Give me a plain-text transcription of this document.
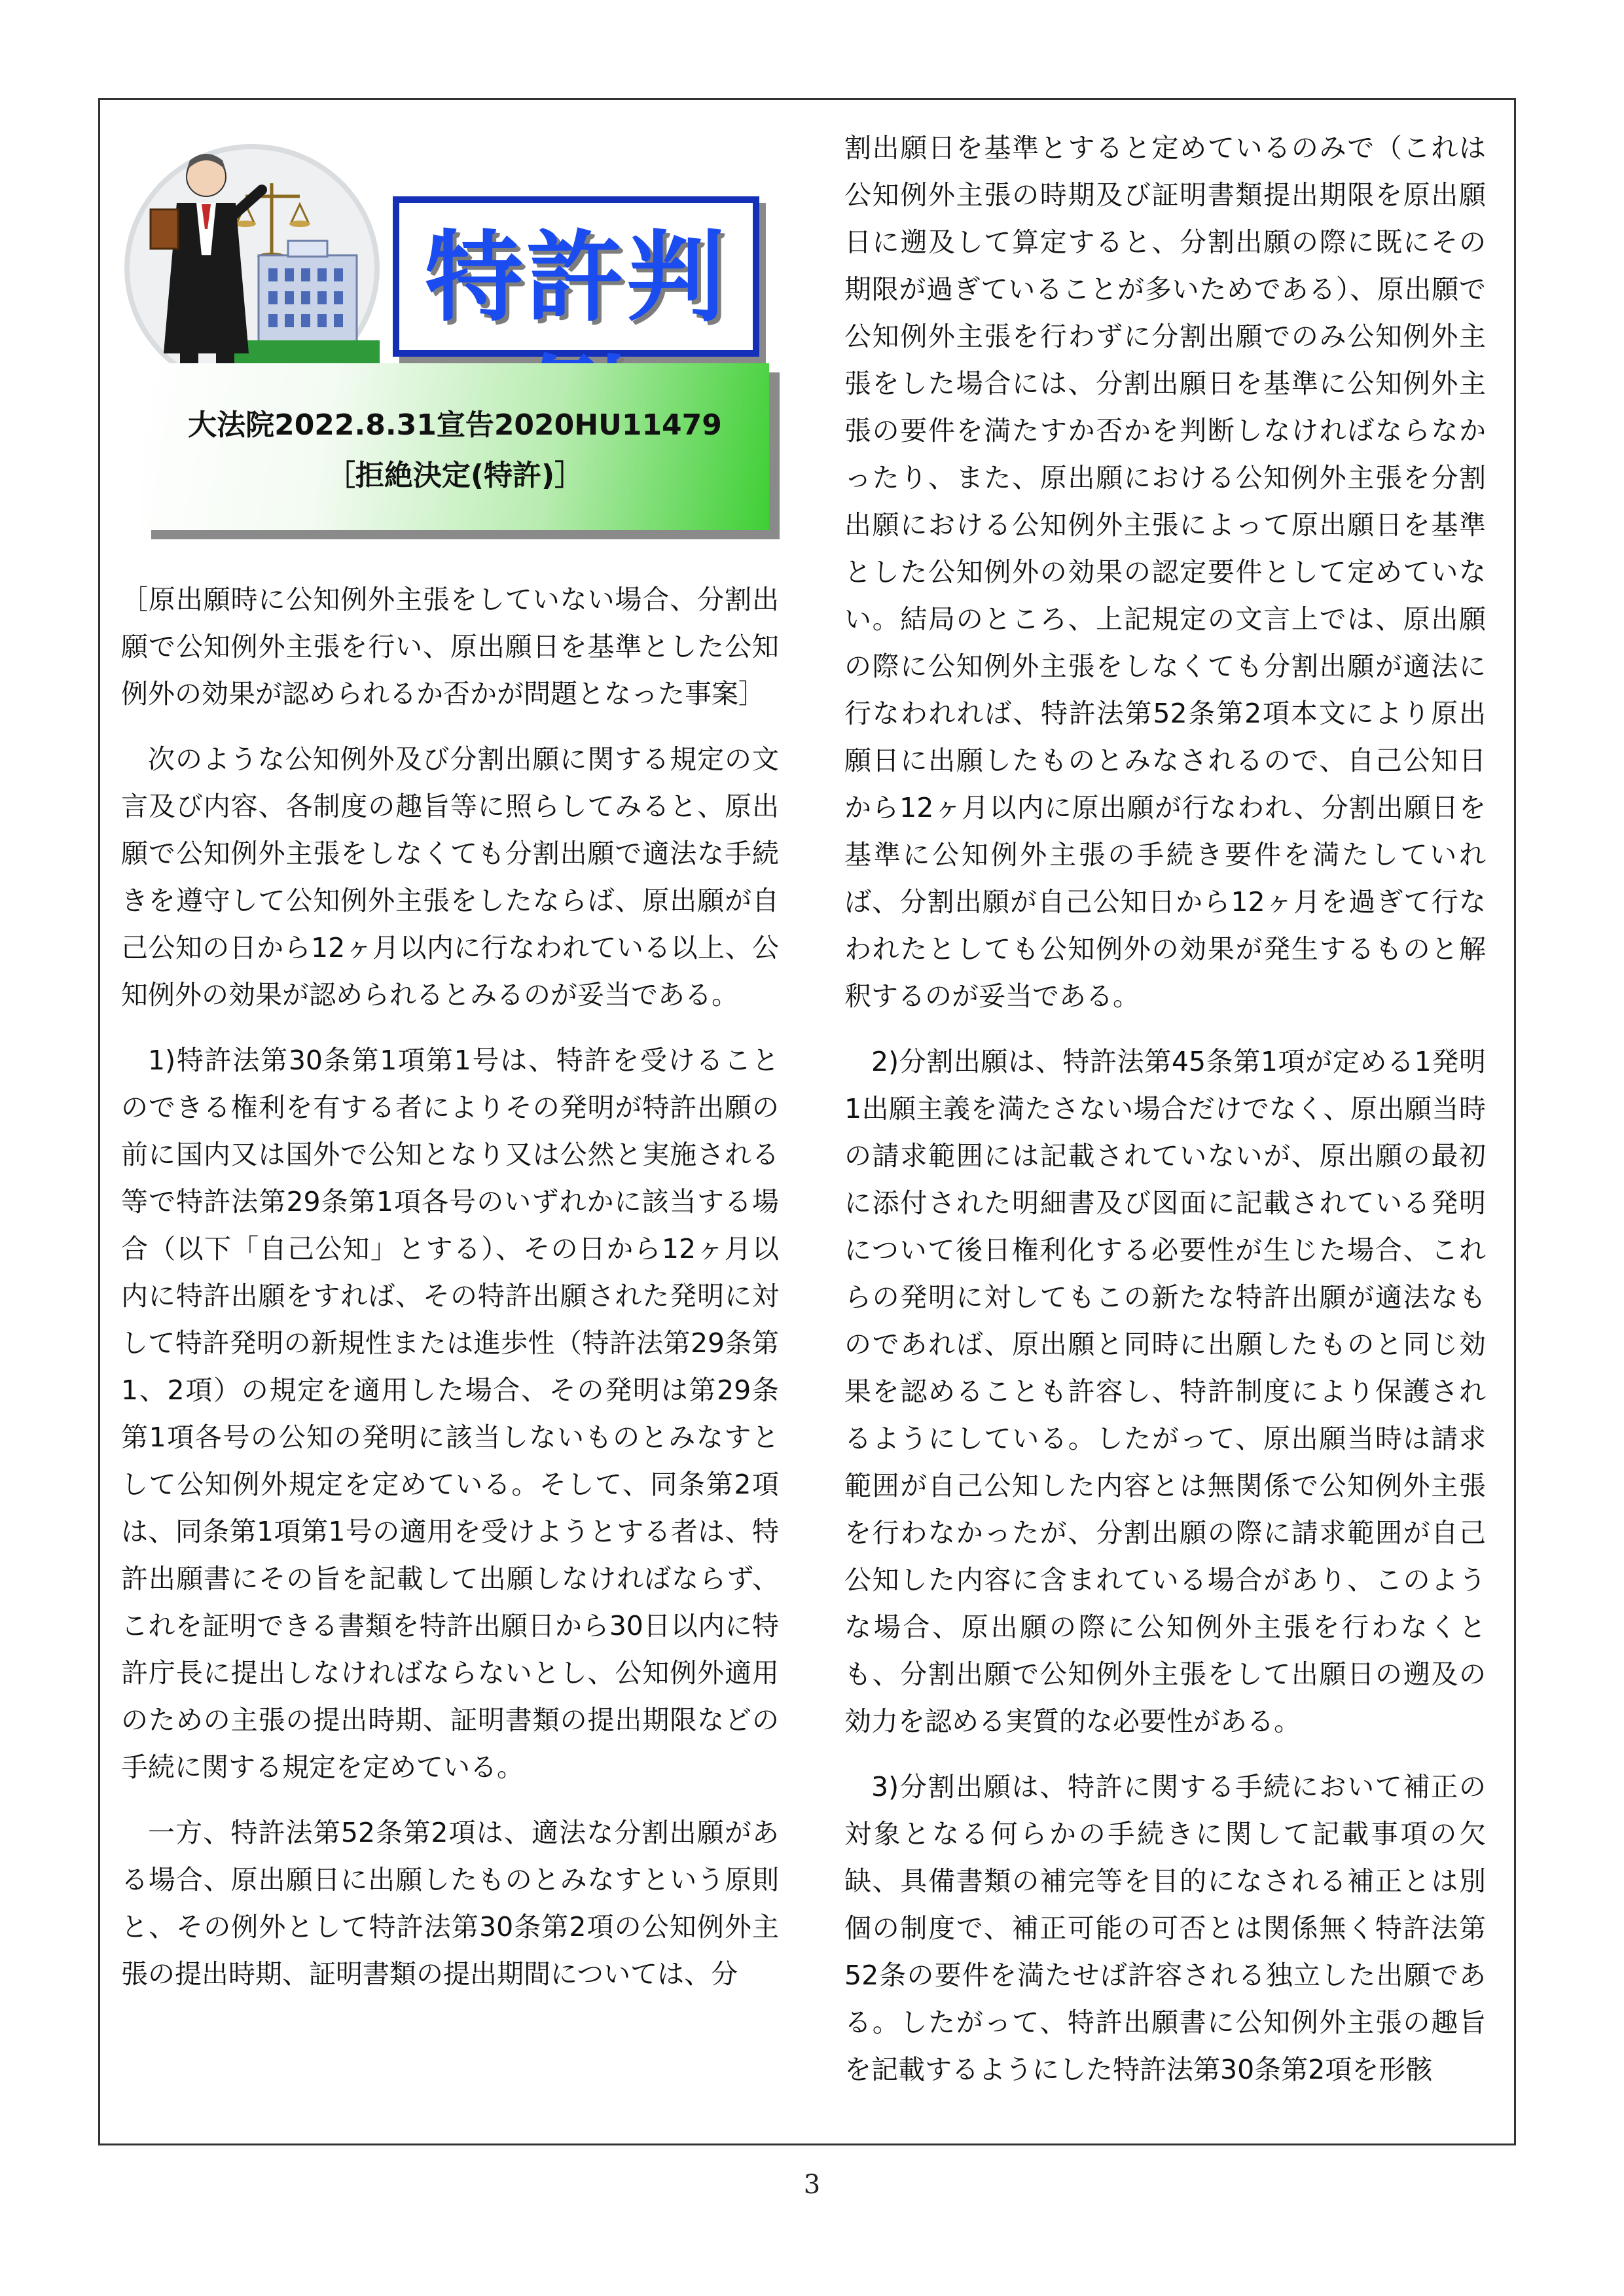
特許判
大法院2022.8.31宣告2020HU11479
［拒絶決定(特許)］

［原出願時に公知例外主張をしていない場合、分割出願で公知例外主張を行い、原出願日を基準とした公知例外の効果が認められるか否かが問題となった事案］

次のような公知例外及び分割出願に関する規定の文言及び内容、各制度の趣旨等に照らしてみると、原出願で公知例外主張をしなくても分割出願で適法な手続きを遵守して公知例外主張をしたならば、原出願が自己公知の日から12ヶ月以内に行なわれている以上、公知例外の効果が認められるとみるのが妥当である。

1)特許法第30条第1項第1号は、特許を受けることのできる権利を有する者によりその発明が特許出願の前に国内又は国外で公知となり又は公然と実施される等で特許法第29条第1項各号のいずれかに該当する場合（以下「自己公知」とする）、その日から12ヶ月以内に特許出願をすれば、その特許出願された発明に対して特許発明の新規性または進歩性（特許法第29条第1、2項）の規定を適用した場合、その発明は第29条第1項各号の公知の発明に該当しないものとみなすとして公知例外規定を定めている。そして、同条第2項は、同条第1項第1号の適用を受けようとする者は、特許出願書にその旨を記載して出願しなければならず、これを証明できる書類を特許出願日から30日以内に特許庁長に提出しなければならないとし、公知例外適用のための主張の提出時期、証明書類の提出期限などの手続に関する規定を定めている。

一方、特許法第52条第2項は、適法な分割出願がある場合、原出願日に出願したものとみなすという原則と、その例外として特許法第30条第2項の公知例外主張の提出時期、証明書類の提出期間については、分

割出願日を基準とすると定めているのみで（これは公知例外主張の時期及び証明書類提出期限を原出願日に遡及して算定すると、分割出願の際に既にその期限が過ぎていることが多いためである）、原出願で公知例外主張を行わずに分割出願でのみ公知例外主張をした場合には、分割出願日を基準に公知例外主張の要件を満たすか否かを判断しなければならなかったり、また、原出願における公知例外主張を分割出願における公知例外主張によって原出願日を基準とした公知例外の効果の認定要件として定めていない。結局のところ、上記規定の文言上では、原出願の際に公知例外主張をしなくても分割出願が適法に行なわれれば、特許法第52条第2項本文により原出願日に出願したものとみなされるので、自己公知日から12ヶ月以内に原出願が行なわれ、分割出願日を基準に公知例外主張の手続き要件を満たしていれば、分割出願が自己公知日から12ヶ月を過ぎて行なわれたとしても公知例外の効果が発生するものと解釈するのが妥当である。

2)分割出願は、特許法第45条第1項が定める1発明1出願主義を満たさない場合だけでなく、原出願当時の請求範囲には記載されていないが、原出願の最初に添付された明細書及び図面に記載されている発明について後日権利化する必要性が生じた場合、これらの発明に対してもこの新たな特許出願が適法なものであれば、原出願と同時に出願したものと同じ効果を認めることも許容し、特許制度により保護されるようにしている。したがって、原出願当時は請求範囲が自己公知した内容とは無関係で公知例外主張を行わなかったが、分割出願の際に請求範囲が自己公知した内容に含まれている場合があり、このような場合、原出願の際に公知例外主張を行わなくとも、分割出願で公知例外主張をして出願日の遡及の効力を認める実質的な必要性がある。

3)分割出願は、特許に関する手続において補正の対象となる何らかの手続きに関して記載事項の欠缺、具備書類の補完等を目的になされる補正とは別個の制度で、補正可能の可否とは関係無く特許法第52条の要件を満たせば許容される独立した出願である。したがって、特許出願書に公知例外主張の趣旨を記載するようにした特許法第30条第2項を形骸

3
